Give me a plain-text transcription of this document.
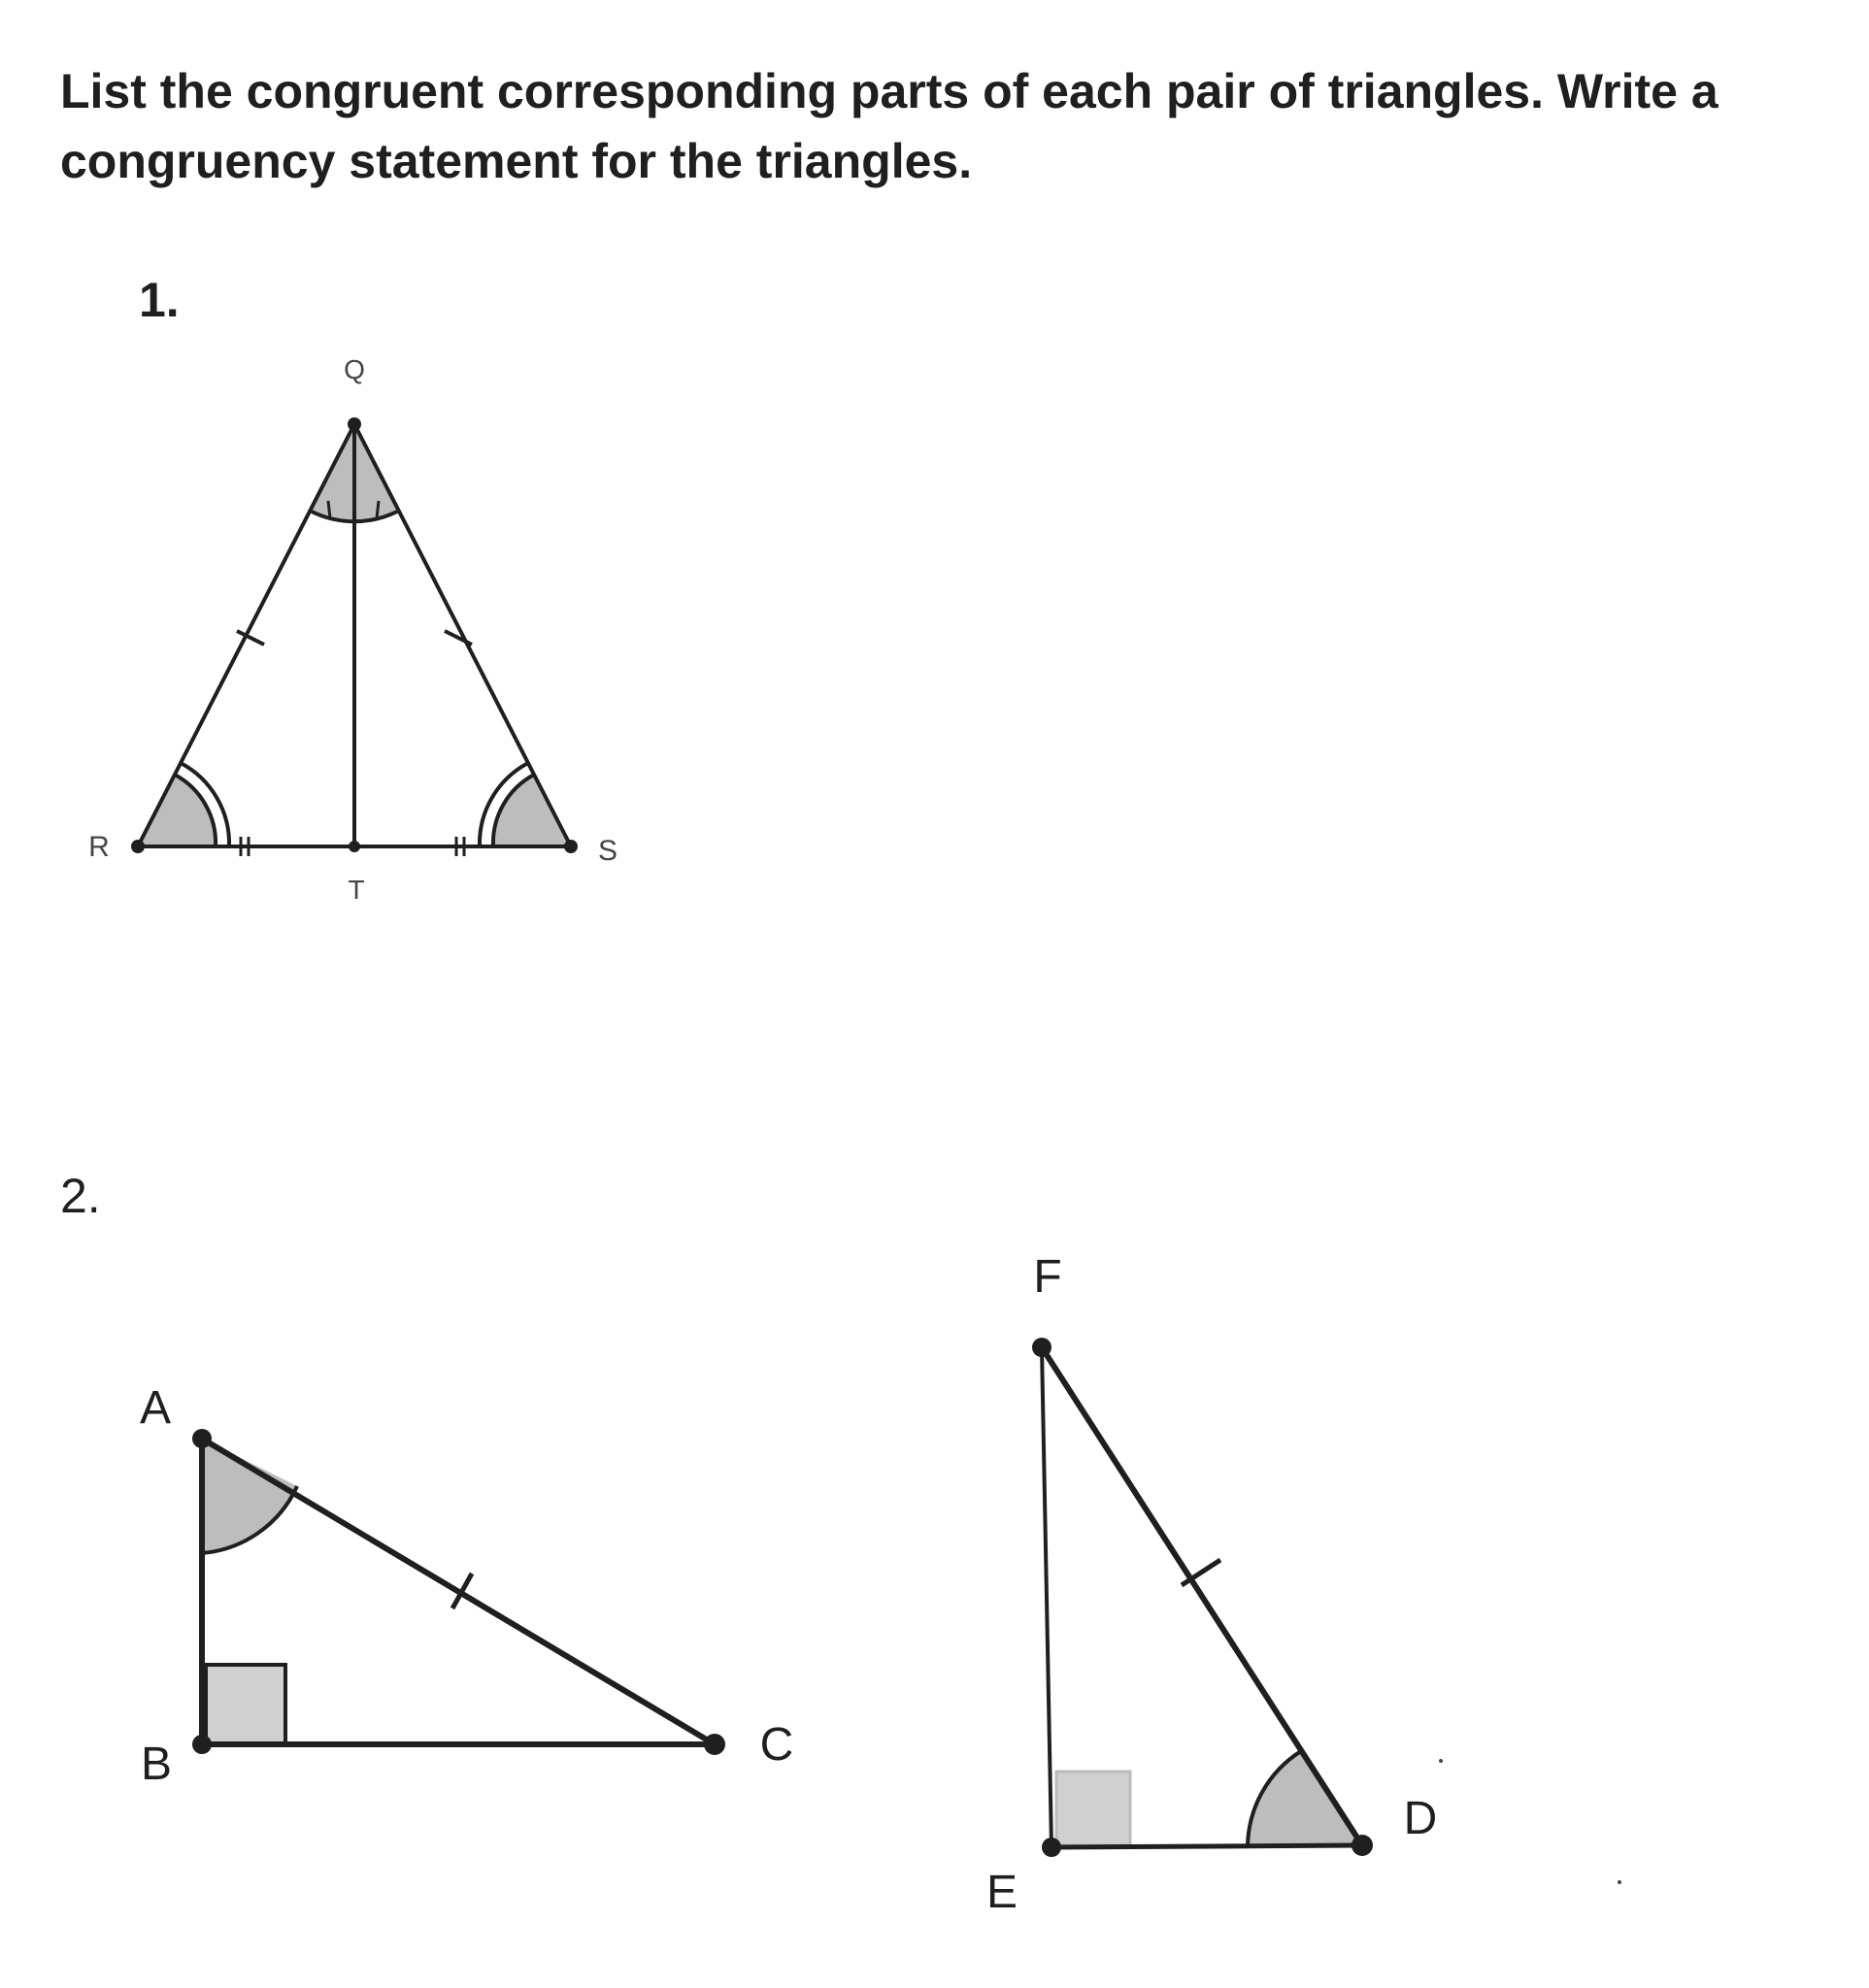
List the congruent corresponding parts of each pair of triangles. Write a congruency statement for the triangles.
1.
Q
R	S
T
2.
A
B	C
F
E
D
